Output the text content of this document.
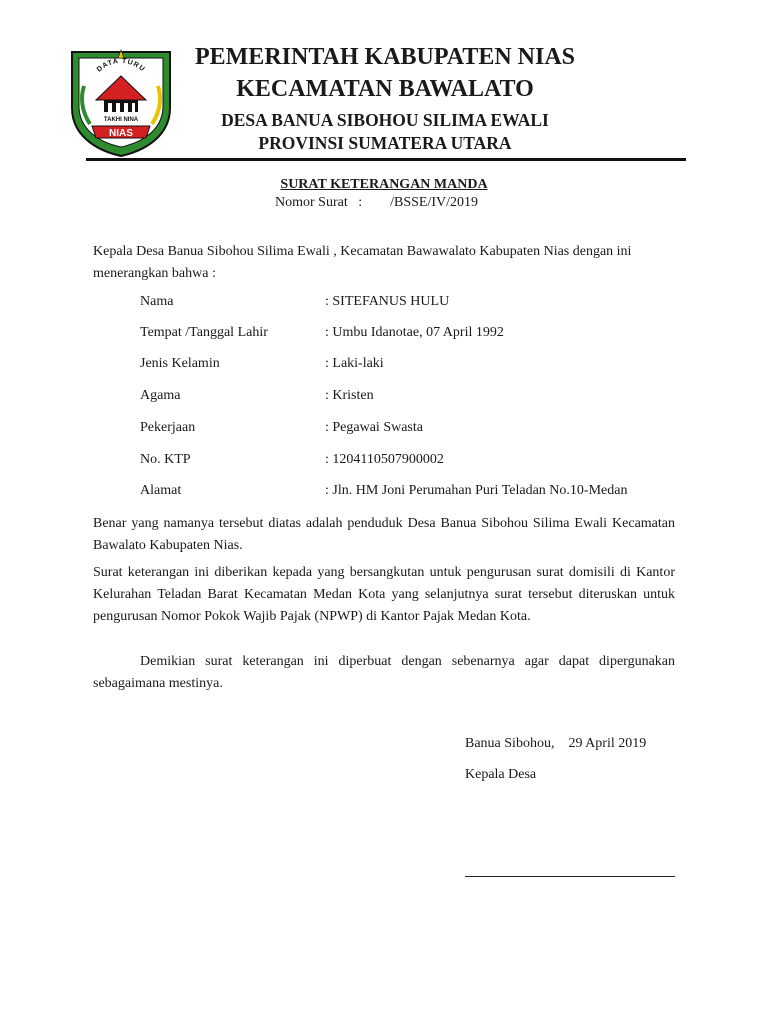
DATA TURU
TAKHI NINA
NIAS
PEMERINTAH KABUPATEN NIAS
KECAMATAN BAWALATO
DESA BANUA SIBOHOU SILIMA EWALI
PROVINSI SUMATERA UTARA
SURAT KETERANGAN MANDA
Nomor Surat   :        /BSSE/IV/2019

Kepala Desa Banua Sibohou Silima Ewali , Kecamatan Bawawalato Kabupaten Nias dengan ini menerangkan bahwa :

Nama	: SITEFANUS HULU
Tempat /Tanggal Lahir	: Umbu Idanotae, 07 April 1992
Jenis Kelamin	: Laki-laki
Agama	: Kristen
Pekerjaan	: Pegawai Swasta
No. KTP	: 1204110507900002
Alamat	: Jln. HM Joni Perumahan Puri Teladan No.10-Medan

Benar yang namanya tersebut diatas adalah penduduk Desa Banua Sibohou Silima Ewali Kecamatan Bawalato Kabupaten Nias.

Surat keterangan ini diberikan kepada yang bersangkutan untuk pengurusan surat domisili di Kantor Kelurahan Teladan Barat Kecamatan Medan Kota yang selanjutnya surat tersebut diteruskan untuk pengurusan Nomor Pokok Wajib Pajak (NPWP) di Kantor Pajak Medan Kota.

Demikian surat keterangan ini diperbuat dengan sebenarnya agar dapat dipergunakan sebagaimana mestinya.

Banua Sibohou, 29 April 2019
Kepala Desa
